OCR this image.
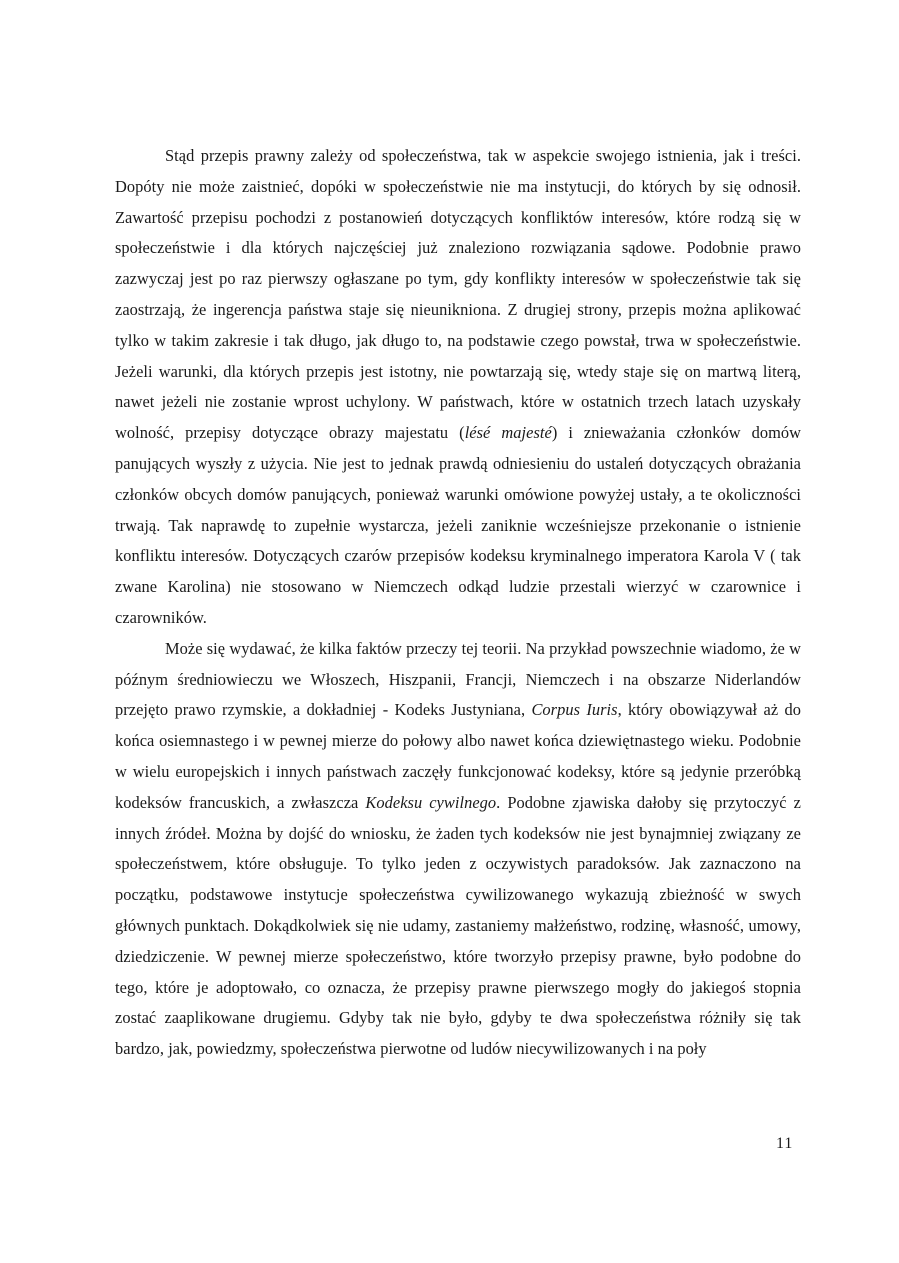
Stąd przepis prawny zależy od społeczeństwa, tak w aspekcie swojego istnienia, jak i treści. Dopóty nie może zaistnieć, dopóki w społeczeństwie nie ma instytucji, do których by się odnosił. Zawartość przepisu pochodzi z postanowień dotyczących konfliktów interesów, które rodzą się w społeczeństwie i dla których najczęściej już znaleziono rozwiązania sądowe. Podobnie prawo zazwyczaj jest po raz pierwszy ogłaszane po tym, gdy konflikty interesów w społeczeństwie tak się zaostrzają, że ingerencja państwa staje się nieunikniona. Z drugiej strony, przepis można aplikować tylko w takim zakresie i tak długo, jak długo to, na podstawie czego powstał, trwa w społeczeństwie. Jeżeli warunki, dla których przepis jest istotny, nie powtarzają się, wtedy staje się on martwą literą, nawet jeżeli nie zostanie wprost uchylony. W państwach, które w ostatnich trzech latach uzyskały wolność, przepisy dotyczące obrazy majestatu (lésé majesté) i znieważania członków domów panujących wyszły z użycia. Nie jest to jednak prawdą odniesieniu do ustaleń dotyczących obrażania członków obcych domów panujących, ponieważ warunki omówione powyżej ustały, a te okoliczności trwają. Tak naprawdę to zupełnie wystarcza, jeżeli zaniknie wcześniejsze przekonanie o istnienie konfliktu interesów. Dotyczących czarów przepisów kodeksu kryminalnego imperatora Karola V ( tak zwane Karolina) nie stosowano w Niemczech odkąd ludzie przestali wierzyć w czarownice i czarowników.

Może się wydawać, że kilka faktów przeczy tej teorii. Na przykład powszechnie wiadomo, że w późnym średniowieczu we Włoszech, Hiszpanii, Francji, Niemczech i na obszarze Niderlandów przejęto prawo rzymskie, a dokładniej - Kodeks Justyniana, Corpus Iuris, który obowiązywał aż do końca osiemnastego i w pewnej mierze do połowy albo nawet końca dziewiętnastego wieku. Podobnie w wielu europejskich i innych państwach zaczęły funkcjonować kodeksy, które są jedynie przeróbką kodeksów francuskich, a zwłaszcza Kodeksu cywilnego. Podobne zjawiska dałoby się przytoczyć z innych źródeł. Można by dojść do wniosku, że żaden tych kodeksów nie jest bynajmniej związany ze społeczeństwem, które obsługuje. To tylko jeden z oczywistych paradoksów. Jak zaznaczono na początku, podstawowe instytucje społeczeństwa cywilizowanego wykazują zbieżność w swych głównych punktach. Dokądkolwiek się nie udamy, zastaniemy małżeństwo, rodzinę, własność, umowy, dziedziczenie. W pewnej mierze społeczeństwo, które tworzyło przepisy prawne, było podobne do tego, które je adoptowało, co oznacza, że przepisy prawne pierwszego mogły do jakiegoś stopnia zostać zaaplikowane drugiemu. Gdyby tak nie było, gdyby te dwa społeczeństwa różniły się tak bardzo, jak, powiedzmy, społeczeństwa pierwotne od ludów niecywilizowanych i na poły

11
